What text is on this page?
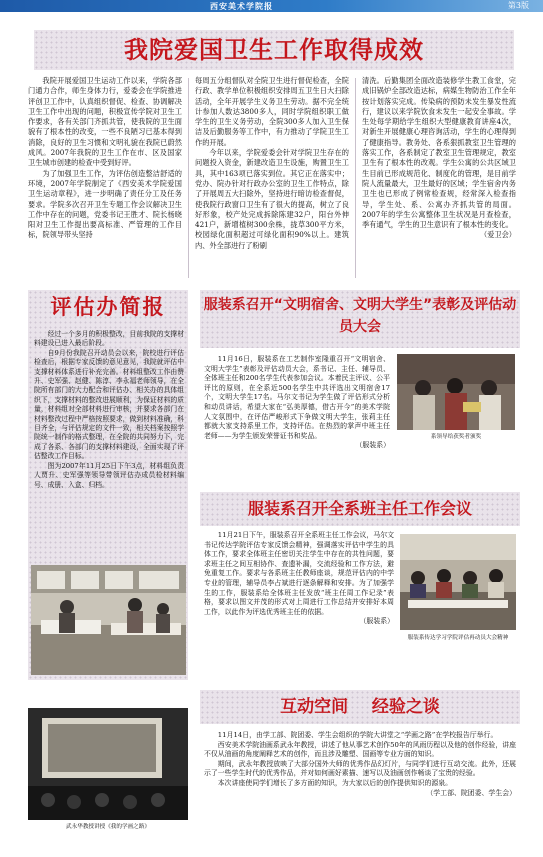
西安美术学院报	第3版
我院爱国卫生工作取得成效

我院开展爱国卫生运动工作以来，学院各部门通力合作，师生身体力行，爱委会在学院推进评创卫工作中，认真组织督促、检查、协调解决卫生工作中出现的问题，积极宣传学院对卫生工作要求，各有关部门齐抓共管，使我院的卫生面貌有了根本性的改变，一些不良陋习已基本得到消除，良好的卫生习惯和文明礼貌在我院已蔚然成风。2007年我院的卫生工作在市、区及国家卫生城市创建的检查中受到好评。

为了加强卫生工作，为评估创造整洁舒适的环境，2007年学院制定了《西安美术学院爱国卫生运动章程》，进一步明确了责任分工及任务要求。学院多次召开卫生专题工作会议解决卫生工作中存在的问题，党委书记王胜才、院长杨晓阳对卫生工作提出要高标准、严管理的工作目标，院领导带头坚持

每周五分组督队对全院卫生进行督促检查，全院行政、教学单位积极组织安排周五卫生日大扫除活动，全年开展学生义务卫生劳动。据不完全统计参加人数达3800多人，同时学院组织职工做学生的卫生义务劳动，全院300多人加入卫生保洁及后勤服务等工作中，有力推动了学院卫生工作的开展。

今年以来，学院爱委会针对学院卫生存在的问题投入资金，新建改造卫生设施，购置卫生工具，其中163项已落实到位。其它正在落实中；党办、院办针对行政办公室的卫生工作特点，除了开展周五大扫除外，坚持进行暗访检查督促，使我院行政窗口卫生有了很大的提高，树立了良好形象，校产处完成拆除陈建32户，阳台外伸421户，新增植树300余株，拢草300平方米，校园绿化面积超过可绿化面积90%以上。建筑内、外全部进行了粉刷

清洗。后勤集团全面改造装修学生教工食堂，完成旧锅炉全部改造达标，病媒生物防治工作全年按计划落实完成。传染病的预防未发生暴发性流行，建议以来学院饮食未发生一起安全事故。学生处每学期给学生组织大型健康教育讲座4次，对新生开展健康心理咨询活动，学生的心理得到了健康指导。教务处、各系狠抓教室卫生管理的落实工作，各系制定了教室卫生管理规定，教室卫生有了根本性的改观。学生公寓的公共区域卫生目前已形成规范化、制度化的管理，是目前学院人流量最大，卫生最好的区域；学生宿舍内务卫生也已形成了例常检查规，经常深入检查指导，学生处、系、公寓办齐抓共管的局面。2007年的学生公寓整体卫生状况是月查检查，季有通气，学生的卫生意识有了根本性的变化。

（爱卫会）

评估办简报

经过一个多月的积极整改，目前我院的支撑材料建设已进入最后阶段。

自9月份我院召开动员会以来，院校进行评估检查后，根据专家反馈的意见意见，我院就评估中支撑材料体系进行补充完善。材料组整改工作由赞升、史军强、赵健、陈淳、李永福老师领导，在全院所有部门的大力配合和评估办、相关办的具体组织下，支撑材料的整改进展顺利，为保证材料的质量，材料组对全部材料进行审核，并要求各部门在材料整改过程中严格按照要求，做到材料准确，科目齐全，与评估规定的文件一致，相关档案按照学院统一制作的格式整理，在全院的共同努力下，完成了各系、各部门的支撑材料建设，全面实现了评估整改工作目标。

图为2007年11月25日下午3点，材料组负责人贾升、史军强等领导带领评估办成员检材料编号、成册、入盒、归档。

武永华教授讲授《我的学画之路》
服装系召开“文明宿舍、文明大学生”表彰及评估动员大会

11月16日，服装系在工艺制作室隆重召开“文明宿舍、文明大学生”表彰及评估动员大会，系书记、主任、辅导员、全体班主任和200名学生代表参加会议。本着民主评议、公平评比的原则，在全系近500名学生中共评选出文明宿舍17个，文明大学生17名。马尔文书记为学生做了评估形式分析和动员讲话，希望大家在“弘美厚德，借古开今”的美术学院人文氛围中，在评估严峻形式下争做文明大学生，张莉主任都就大家支持系里工作，支持评估。在热烈的掌声中班主任老师——为学生颁发荣誉证书和奖品。

（服装系）

系领导给获奖者颁奖
服装系召开全系班主任工作会议

11月21日下午，服装系召开全系班主任工作会议，马尔文书记传达学院评估专家反馈会精神，强调落实评估中学生的具体工作，要求全体班主任密切关注学生中存在的共性问题，要求班主任之间互相协作、查遗补漏，交流经验和工作方法，避免重复工作。要求与各系班主任教师座谈，规范评估内的中学专业的管理，辅导员李占斌进行逐条解释和安排。为了加强学生的工作，服装系给全体班主任发放“班主任周工作记录”表格，要求以图文并茂的形式对上周进行工作总结并安排好本周工作，以此作为评选优秀班主任的依据。

（服装系）

服装系传达学习学院评估再动员大会精神
互动空间    经验之谈

11月14日，由学工部、院团委、学生会组织的学院大讲堂之“学画之路”在学校报告厅举行。

西安美术学院油画系武永年教授，讲述了他从事艺术创作50年的风雨历程以及他的创作经验，讲座不仅从油画的角度阐释艺术的创作，而且涉及雕塑、国画等专业方面的知识。

期间，武永年教授放映了大部分国外大师的优秀作品幻灯片，与同学们进行互动交流。此外，还展示了一些学生时代的优秀作品，并对如何画好素描、速写以及油画创作畅谈了宝贵的经验。

本次讲座使同学们增长了多方面的知识，为大家以后的创作提供知识的源泉。

（学工部、院团委、学生会）
